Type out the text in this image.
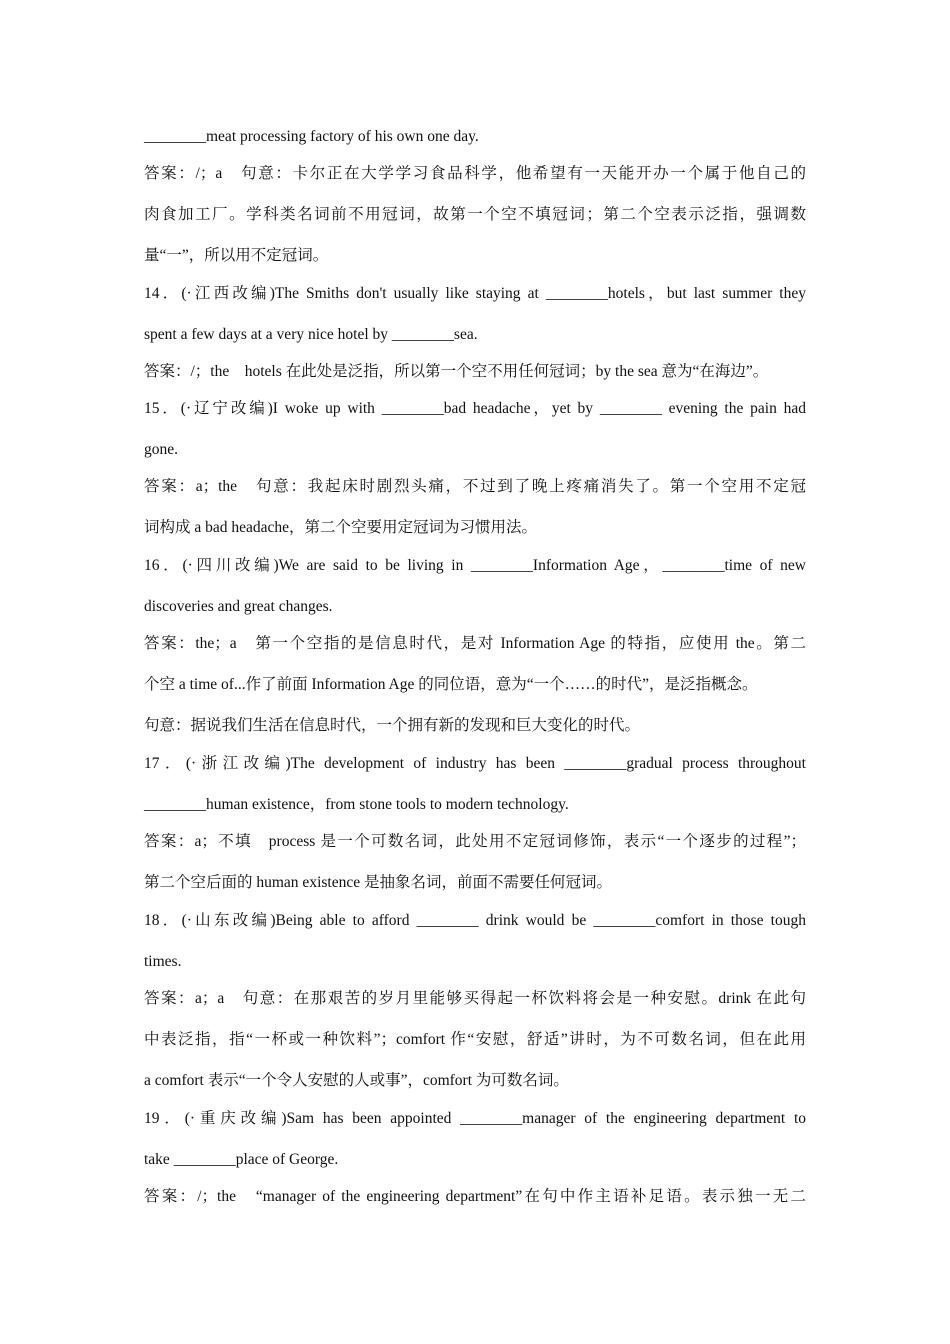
________meat processing factory of his own one day.
答案：/；a　句意：卡尔正在大学学习食品科学，他希望有一天能开办一个属于他自己的
肉食加工厂。学科类名词前不用冠词，故第一个空不填冠词；第二个空表示泛指，强调数
量“一”，所以用不定冠词。
14．(·江西改编)The Smiths don't usually like staying at ________hotels，but last summer they
spent a few days at a very nice hotel by ________sea.
答案：/；the　hotels 在此处是泛指，所以第一个空不用任何冠词；by the sea 意为“在海边”。
15．(·辽宁改编)I woke up with ________bad headache，yet by ________ evening the pain had
gone.
答案：a；the　句意：我起床时剧烈头痛，不过到了晚上疼痛消失了。第一个空用不定冠
词构成 a bad headache，第二个空要用定冠词为习惯用法。
16．(·四川改编)We are said to be living in ________Information Age，________time of new
discoveries and great changes.
答案：the；a　第一个空指的是信息时代，是对 Information Age 的特指，应使用 the。第二
个空 a time of...作了前面 Information Age 的同位语，意为“一个……的时代”，是泛指概念。
句意：据说我们生活在信息时代，一个拥有新的发现和巨大变化的时代。
17．(·浙江改编)The development of industry has been ________gradual process throughout
________human existence，from stone tools to modern technology.
答案：a；不填　process 是一个可数名词，此处用不定冠词修饰，表示“一个逐步的过程”；
第二个空后面的 human existence 是抽象名词，前面不需要任何冠词。
18．(·山东改编)Being able to afford ________ drink would be ________comfort in those tough
times.
答案：a；a　句意：在那艰苦的岁月里能够买得起一杯饮料将会是一种安慰。drink 在此句
中表泛指，指“一杯或一种饮料”；comfort 作“安慰，舒适”讲时，为不可数名词，但在此用
a comfort 表示“一个令人安慰的人或事”，comfort 为可数名词。
19．(·重庆改编)Sam has been appointed ________manager of the engineering department to
take ________place of George.
答案：/；the　“manager of the engineering department”在句中作主语补足语。表示独一无二
